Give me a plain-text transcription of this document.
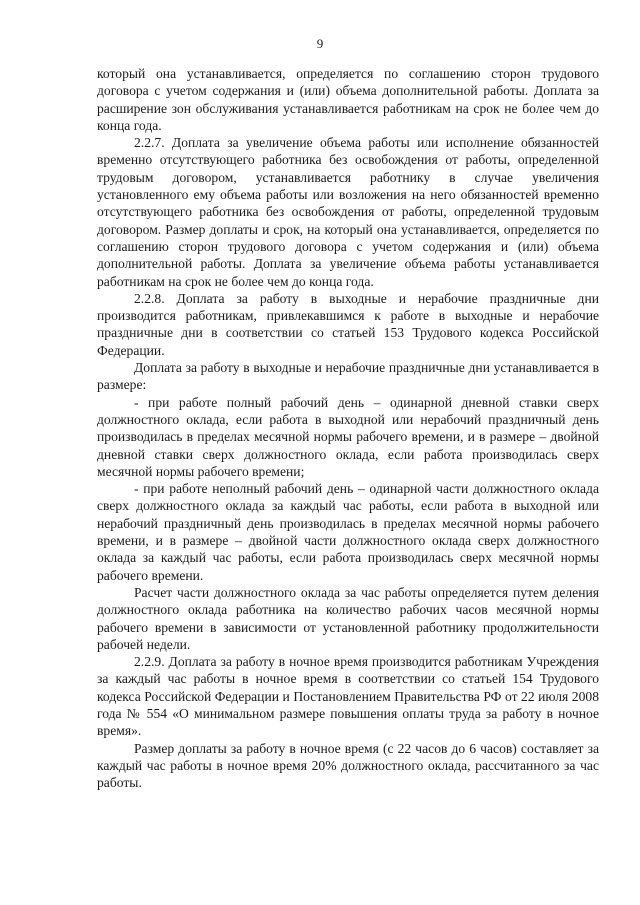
9

который она устанавливается, определяется по соглашению сторон трудового договора с учетом содержания и (или) объема дополнительной работы. Доплата за расширение зон обслуживания устанавливается работникам на срок не более чем до конца года.

2.2.7. Доплата за увеличение объема работы или исполнение обязанностей временно отсутствующего работника без освобождения от работы, определенной трудовым договором, устанавливается работнику в случае увеличения установленного ему объема работы или возложения на него обязанностей временно отсутствующего работника без освобождения от работы, определенной трудовым договором. Размер доплаты и срок, на который она устанавливается, определяется по соглашению сторон трудового договора с учетом содержания и (или) объема дополнительной работы. Доплата за увеличение объема работы устанавливается работникам на срок не более чем до конца года.

2.2.8. Доплата за работу в выходные и нерабочие праздничные дни производится работникам, привлекавшимся к работе в выходные и нерабочие праздничные дни в соответствии со статьей 153 Трудового кодекса Российской Федерации.

Доплата за работу в выходные и нерабочие праздничные дни устанавливается в размере:

- при работе полный рабочий день – одинарной дневной ставки сверх должностного оклада, если работа в выходной или нерабочий праздничный день производилась в пределах месячной нормы рабочего времени, и в размере – двойной дневной ставки сверх должностного оклада, если работа производилась сверх месячной нормы рабочего времени;

- при работе неполный рабочий день – одинарной части должностного оклада сверх должностного оклада за каждый час работы, если работа в выходной или нерабочий праздничный день производилась в пределах месячной нормы рабочего времени, и в размере – двойной части должностного оклада сверх должностного оклада за каждый час работы, если работа производилась сверх месячной нормы рабочего времени.

Расчет части должностного оклада за час работы определяется путем деления должностного оклада работника на количество рабочих часов месячной нормы рабочего времени в зависимости от установленной работнику продолжительности рабочей недели.

2.2.9. Доплата за работу в ночное время производится работникам Учреждения за каждый час работы в ночное время в соответствии со статьей 154 Трудового кодекса Российской Федерации и Постановлением Правительства РФ от 22 июля 2008 года № 554 «О минимальном размере повышения оплаты труда за работу в ночное время».

Размер доплаты за работу в ночное время (с 22 часов до 6 часов) составляет за каждый час работы в ночное время 20% должностного оклада, рассчитанного за час работы.
